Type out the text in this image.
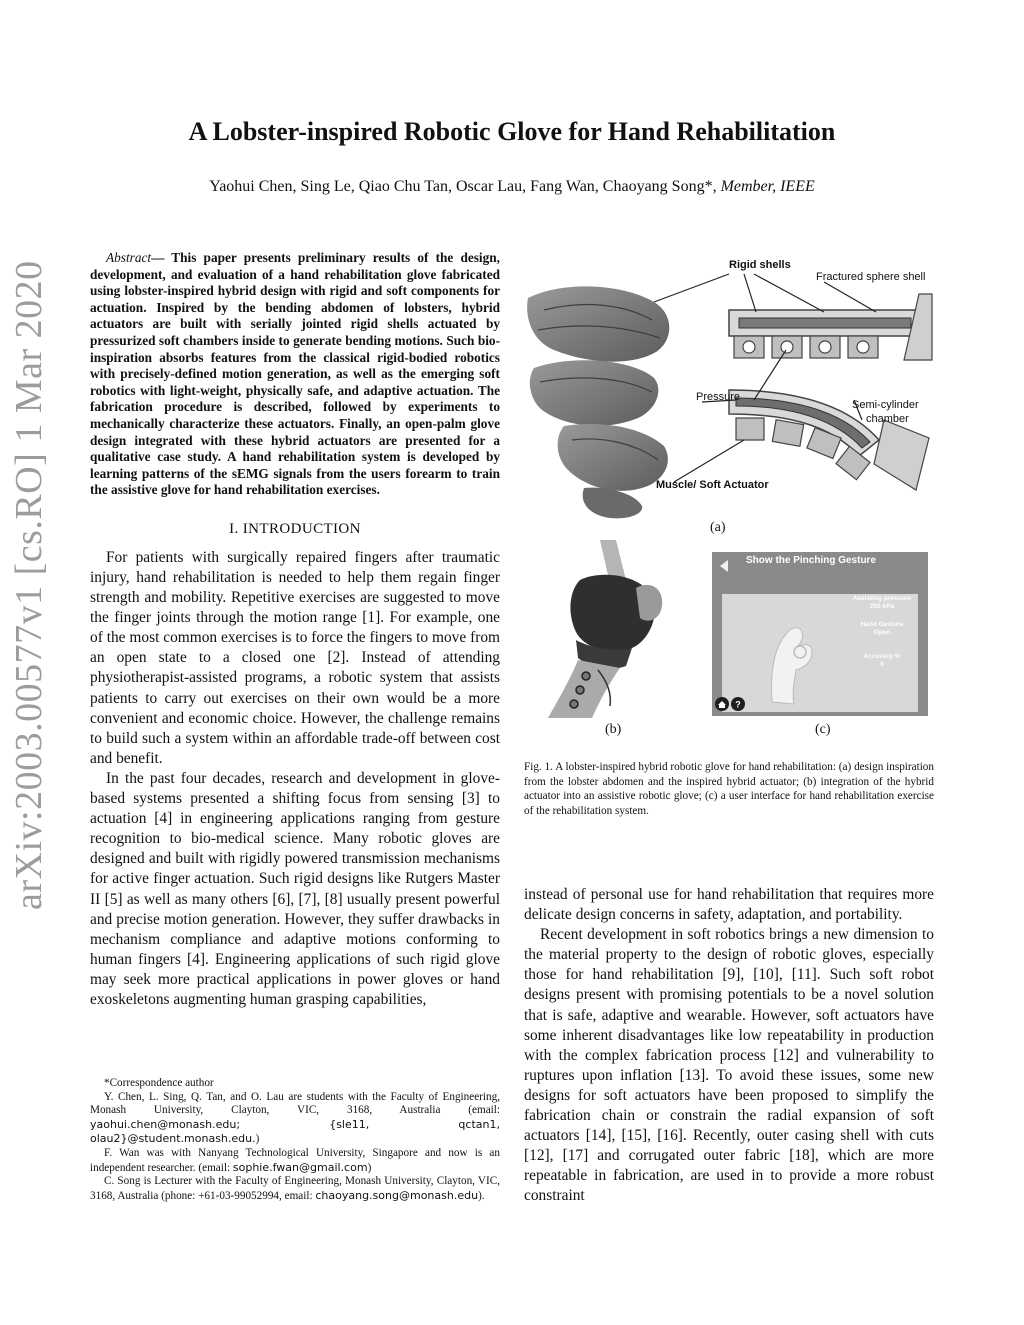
arXiv:2003.00577v1 [cs.RO] 1 Mar 2020
A Lobster-inspired Robotic Glove for Hand Rehabilitation
Yaohui Chen, Sing Le, Qiao Chu Tan, Oscar Lau, Fang Wan, Chaoyang Song*, Member, IEEE

Abstract— This paper presents preliminary results of the design, development, and evaluation of a hand rehabilitation glove fabricated using lobster-inspired hybrid design with rigid and soft components for actuation. Inspired by the bending abdomen of lobsters, hybrid actuators are built with serially jointed rigid shells actuated by pressurized soft chambers inside to generate bending motions. Such bio-inspiration absorbs features from the classical rigid-bodied robotics with precisely-defined motion generation, as well as the emerging soft robotics with light-weight, physically safe, and adaptive actuation. The fabrication procedure is described, followed by experiments to mechanically characterize these actuators. Finally, an open-palm glove design integrated with these hybrid actuators are presented for a qualitative case study. A hand rehabilitation system is developed by learning patterns of the sEMG signals from the users forearm to train the assistive glove for hand rehabilitation exercises.

I. INTRODUCTION

For patients with surgically repaired fingers after traumatic injury, hand rehabilitation is needed to help them regain finger strength and mobility. Repetitive exercises are suggested to move the finger joints through the motion range [1]. For example, one of the most common exercises is to force the fingers to move from an open state to a closed one [2]. Instead of attending physiotherapist-assisted programs, a robotic system that assists patients to carry out exercises on their own would be a more convenient and economic choice. However, the challenge remains to build such a system within an affordable trade-off between cost and benefit.

In the past four decades, research and development in glove-based systems presented a shifting focus from sensing [3] to actuation [4] in engineering applications ranging from gesture recognition to bio-medical science. Many robotic gloves are designed and built with rigidly powered transmission mechanisms for active finger actuation. Such rigid designs like Rutgers Master II [5] as well as many others [6], [7], [8] usually present powerful and precise motion generation. However, they suffer drawbacks in mechanism compliance and adaptive motions conforming to human fingers [4]. Engineering applications of such rigid glove may seek more practical applications in power gloves or hand exoskeletons augmenting human grasping capabilities,

*Correspondence author

Y. Chen, L. Sing, Q. Tan, and O. Lau are students with the Faculty of Engineering, Monash University, Clayton, VIC, 3168, Australia (email: yaohui.chen@monash.edu; {sle11, qctan1, olau2}@student.monash.edu.)

F. Wan was with Nanyang Technological University, Singapore and now is an independent researcher. (email: sophie.fwan@gmail.com)

C. Song is Lecturer with the Faculty of Engineering, Monash University, Clayton, VIC, 3168, Australia (phone: +61-03-99052994, email: chaoyang.song@monash.edu).

Rigid shells
Fractured sphere shell
Pressure
Semi-cylinder
chamber
Muscle/ Soft Actuator
(a)
(b)
Show the Pinching Gesture
Assisting pressure
250 kPa
Hand Gesture
Open
Accuracy %
0
?
(c)
Fig. 1. A lobster-inspired hybrid robotic glove for hand rehabilitation: (a) design inspiration from the lobster abdomen and the inspired hybrid actuator; (b) integration of the hybrid actuator into an assistive robotic glove; (c) a user interface for hand rehabilitation exercise of the rehabilitation system.

instead of personal use for hand rehabilitation that requires more delicate design concerns in safety, adaptation, and portability.

Recent development in soft robotics brings a new dimension to the material property to the design of robotic gloves, especially those for hand rehabilitation [9], [10], [11]. Such soft robot designs present with promising potentials to be a novel solution that is safe, adaptive and wearable. However, soft actuators have some inherent disadvantages like low repeatability in production with the complex fabrication process [12] and vulnerability to ruptures upon inflation [13]. To avoid these issues, some new designs for soft actuators have been proposed to simplify the fabrication chain or constrain the radial expansion of soft actuators [14], [15], [16]. Recently, outer casing shell with cuts [12], [17] and corrugated outer fabric [18], which are more repeatable in fabrication, are used in to provide a more robust constraint
